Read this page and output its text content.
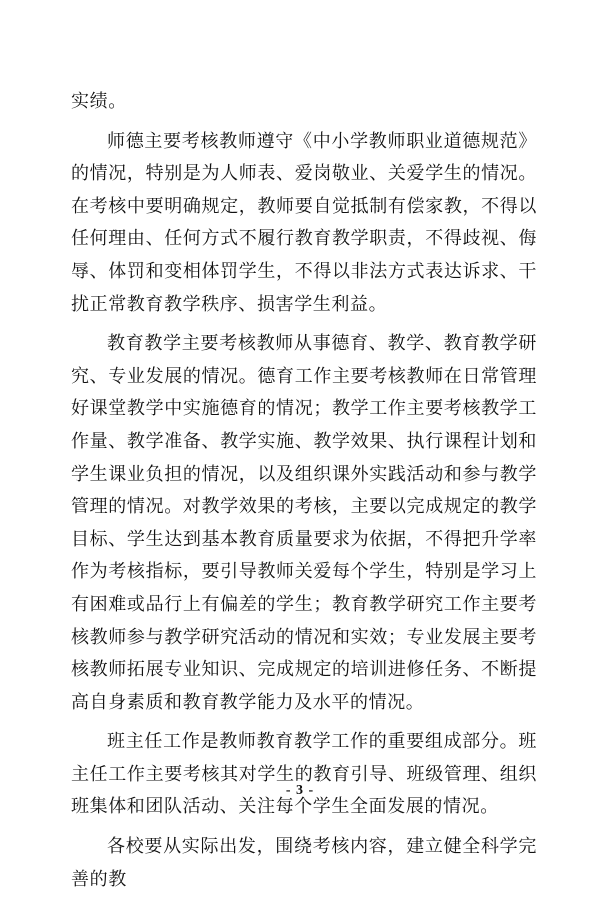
实绩。

师德主要考核教师遵守《中小学教师职业道德规范》的情况，特别是为人师表、爱岗敬业、关爱学生的情况。在考核中要明确规定，教师要自觉抵制有偿家教，不得以任何理由、任何方式不履行教育教学职责，不得歧视、侮辱、体罚和变相体罚学生，不得以非法方式表达诉求、干扰正常教育教学秩序、损害学生利益。

教育教学主要考核教师从事德育、教学、教育教学研究、专业发展的情况。德育工作主要考核教师在日常管理好课堂教学中实施德育的情况；教学工作主要考核教学工作量、教学准备、教学实施、教学效果、执行课程计划和学生课业负担的情况，以及组织课外实践活动和参与教学管理的情况。对教学效果的考核，主要以完成规定的教学目标、学生达到基本教育质量要求为依据，不得把升学率作为考核指标，要引导教师关爱每个学生，特别是学习上有困难或品行上有偏差的学生；教育教学研究工作主要考核教师参与教学研究活动的情况和实效；专业发展主要考核教师拓展专业知识、完成规定的培训进修任务、不断提高自身素质和教育教学能力及水平的情况。

班主任工作是教师教育教学工作的重要组成部分。班主任工作主要考核其对学生的教育引导、班级管理、组织班集体和团队活动、关注每个学生全面发展的情况。

各校要从实际出发，围绕考核内容，建立健全科学完善的教

- 3 -
